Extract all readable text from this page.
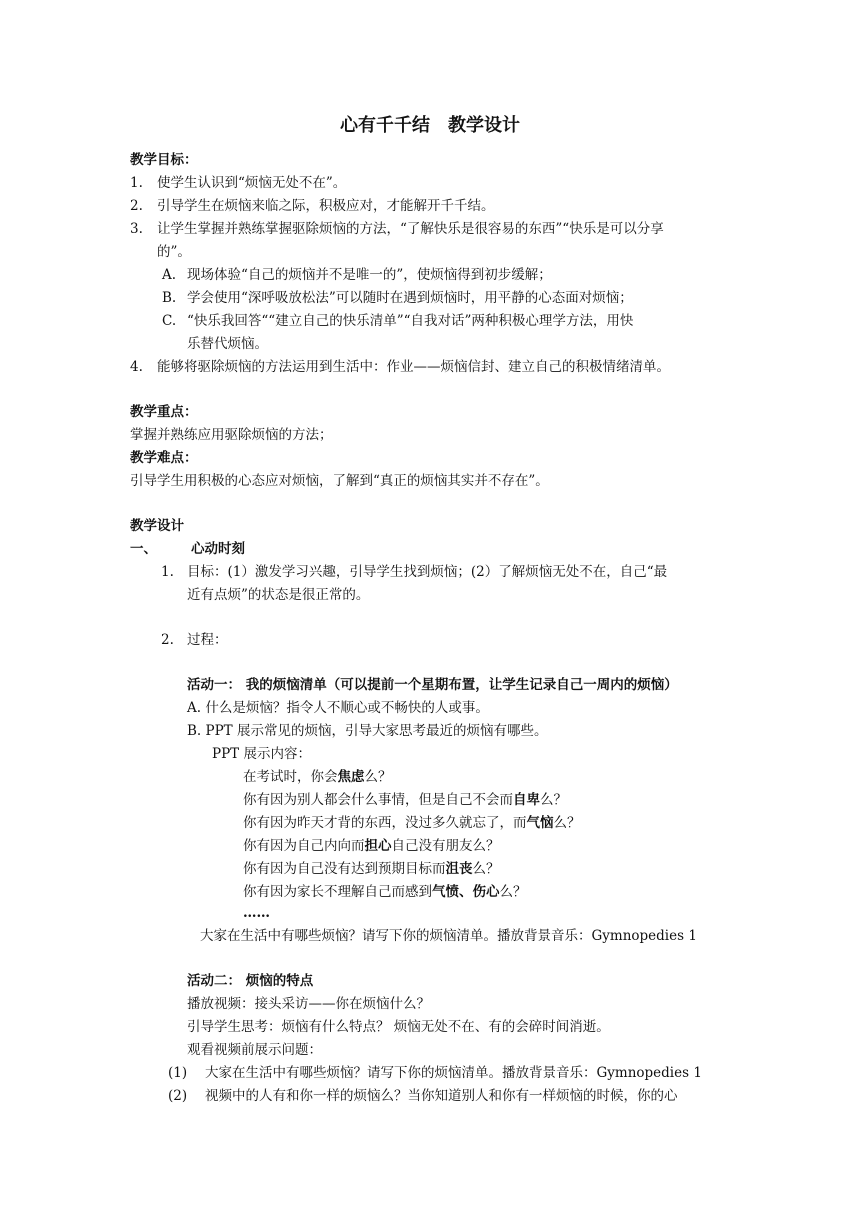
心有千千结　教学设计
教学目标：
1. 使学生认识到“烦恼无处不在”。
2. 引导学生在烦恼来临之际，积极应对，才能解开千千结。
3. 让学生掌握并熟练掌握驱除烦恼的方法，“了解快乐是很容易的东西”“快乐是可以分享
的”。
A. 现场体验“自己的烦恼并不是唯一的”，使烦恼得到初步缓解；
B. 学会使用“深呼吸放松法”可以随时在遇到烦恼时，用平静的心态面对烦恼；
C. “快乐我回答““建立自己的快乐清单”“自我对话”两种积极心理学方法，用快
乐替代烦恼。
4. 能够将驱除烦恼的方法运用到生活中：作业——烦恼信封、建立自己的积极情绪清单。
教学重点：
掌握并熟练应用驱除烦恼的方法；
教学难点：
引导学生用积极的心态应对烦恼，了解到“真正的烦恼其实并不存在”。
教学设计
一、	心动时刻
1. 目标：(1）激发学习兴趣，引导学生找到烦恼；(2）了解烦恼无处不在，自己“最
近有点烦”的状态是很正常的。
2. 过程：
活动一： 我的烦恼清单（可以提前一个星期布置，让学生记录自己一周内的烦恼）
A. 什么是烦恼？指令人不顺心或不畅快的人或事。
B. PPT 展示常见的烦恼，引导大家思考最近的烦恼有哪些。
PPT 展示内容：
在考试时，你会焦虑么？
你有因为别人都会什么事情，但是自己不会而自卑么？
你有因为昨天才背的东西，没过多久就忘了，而气恼么？
你有因为自己内向而担心自己没有朋友么？
你有因为自己没有达到预期目标而沮丧么？
你有因为家长不理解自己而感到气愤、伤心么？
……
大家在生活中有哪些烦恼？请写下你的烦恼清单。播放背景音乐：Gymnopedies 1
活动二： 烦恼的特点
播放视频：接头采访——你在烦恼什么？
引导学生思考：烦恼有什么特点？ 烦恼无处不在、有的会碎时间消逝。
观看视频前展示问题：
(1) 大家在生活中有哪些烦恼？请写下你的烦恼清单。播放背景音乐：Gymnopedies 1
(2) 视频中的人有和你一样的烦恼么？当你知道别人和你有一样烦恼的时候，你的心
